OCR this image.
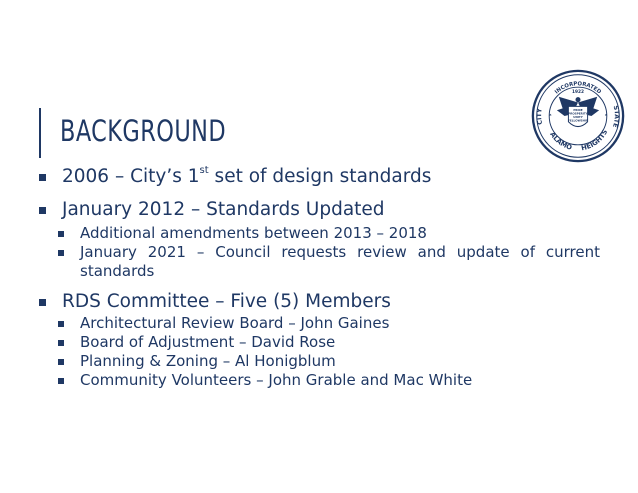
BACKGROUND
INCORPORATED
1922
CITY	STATE
ALAMO HEIGHTS
PRIDE
PROSPERITY
UNITY
FELLOWSHIP
2006 – City’s 1st set of design standards
January 2012 – Standards Updated
Additional amendments between 2013 – 2018
January 2021 – Council requests review and update of current standards
RDS Committee – Five (5) Members
Architectural Review Board – John Gaines
Board of Adjustment – David Rose
Planning & Zoning – Al Honigblum
Community Volunteers – John Grable and Mac White
